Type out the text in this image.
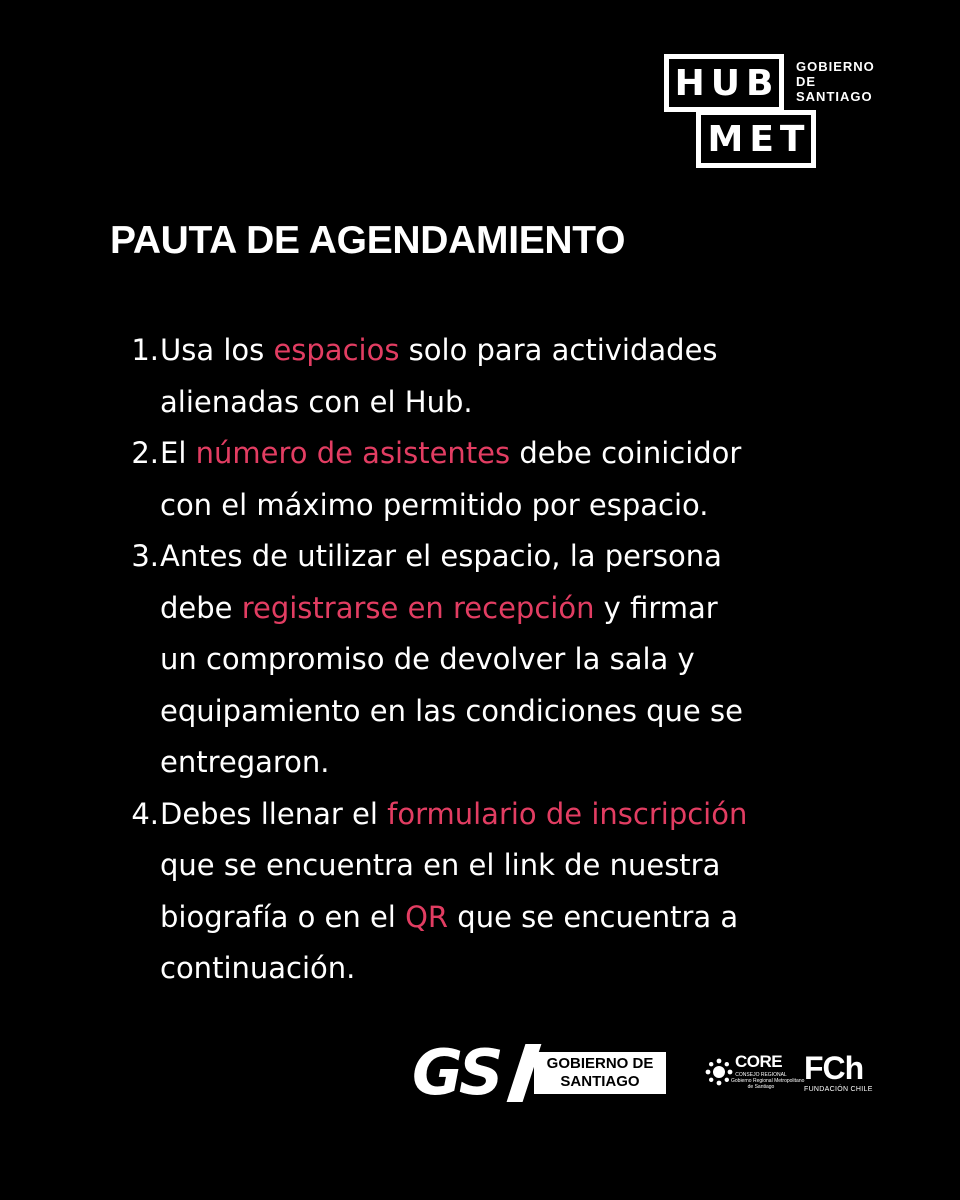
HUB
MET
GOBIERNO
DE
SANTIAGO
PAUTA DE AGENDAMIENTO
1. Usa los espacios solo para actividades
alienadas con el Hub.
2. El número de asistentes debe coinicidor
con el máximo permitido por espacio.
3. Antes de utilizar el espacio, la persona
debe registrarse en recepción y firmar
un compromiso de devolver la sala y
equipamiento en las condiciones que se
entregaron.
4. Debes llenar el formulario de inscripción
que se encuentra en el link de nuestra
biografía o en el QR que se encuentra a
continuación.
GS	GOBIERNO DE
SANTIAGO
CORE
CONSEJO REGIONAL
Gobierno Regional Metropolitano
de Santiago
FCh
FUNDACIÓN CHILE
